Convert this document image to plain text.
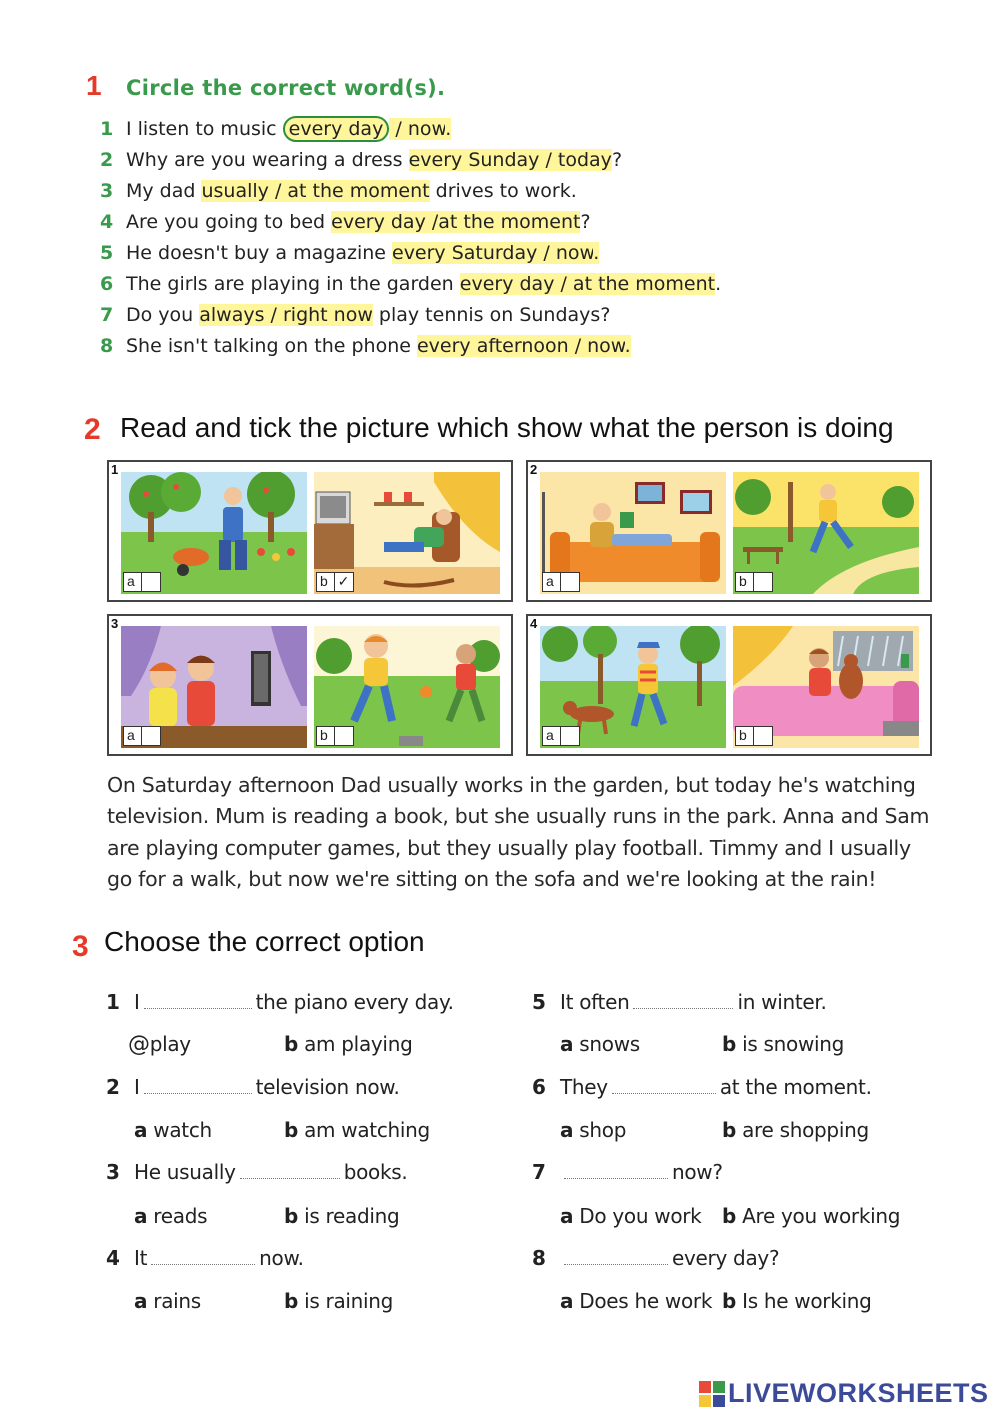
1 Circle the correct word(s).
1 I listen to music every day / now.
2 Why are you wearing a dress every Sunday / today?
3 My dad usually / at the moment drives to work.
4 Are you going to bed every day /at the moment?
5 He doesn't buy a magazine every Saturday / now.
6 The girls are playing in the garden every day / at the moment.
7 Do you always / right now play tennis on Sundays?
8 She isn't talking on the phone every afternoon / now.
2 Read and tick the picture which show what the person is doing
1
a	b ✓
2
a	b
3
a	b
4
a	b
On Saturday afternoon Dad usually works in the garden, but today he's watching television. Mum is reading a book, but she usually runs in the park. Anna and Sam are playing computer games, but they usually play football. Timmy and I usually go for a walk, but now we're sitting on the sofa and we're looking at the rain!
3 Choose the correct option
1 I	the piano every day.
@play	b am playing
2 I	television now.
a watch	b am watching
3 He usually	books.
a reads	b is reading
4 It	now.
a rains	b is raining
5 It often	in winter.
a snows	b is snowing
6 They	at the moment.
a shop	b are shopping
7	now?
a Do you work b Are you working
8	every day?
a Does he work b Is he working
LIVEWORKSHEETS
